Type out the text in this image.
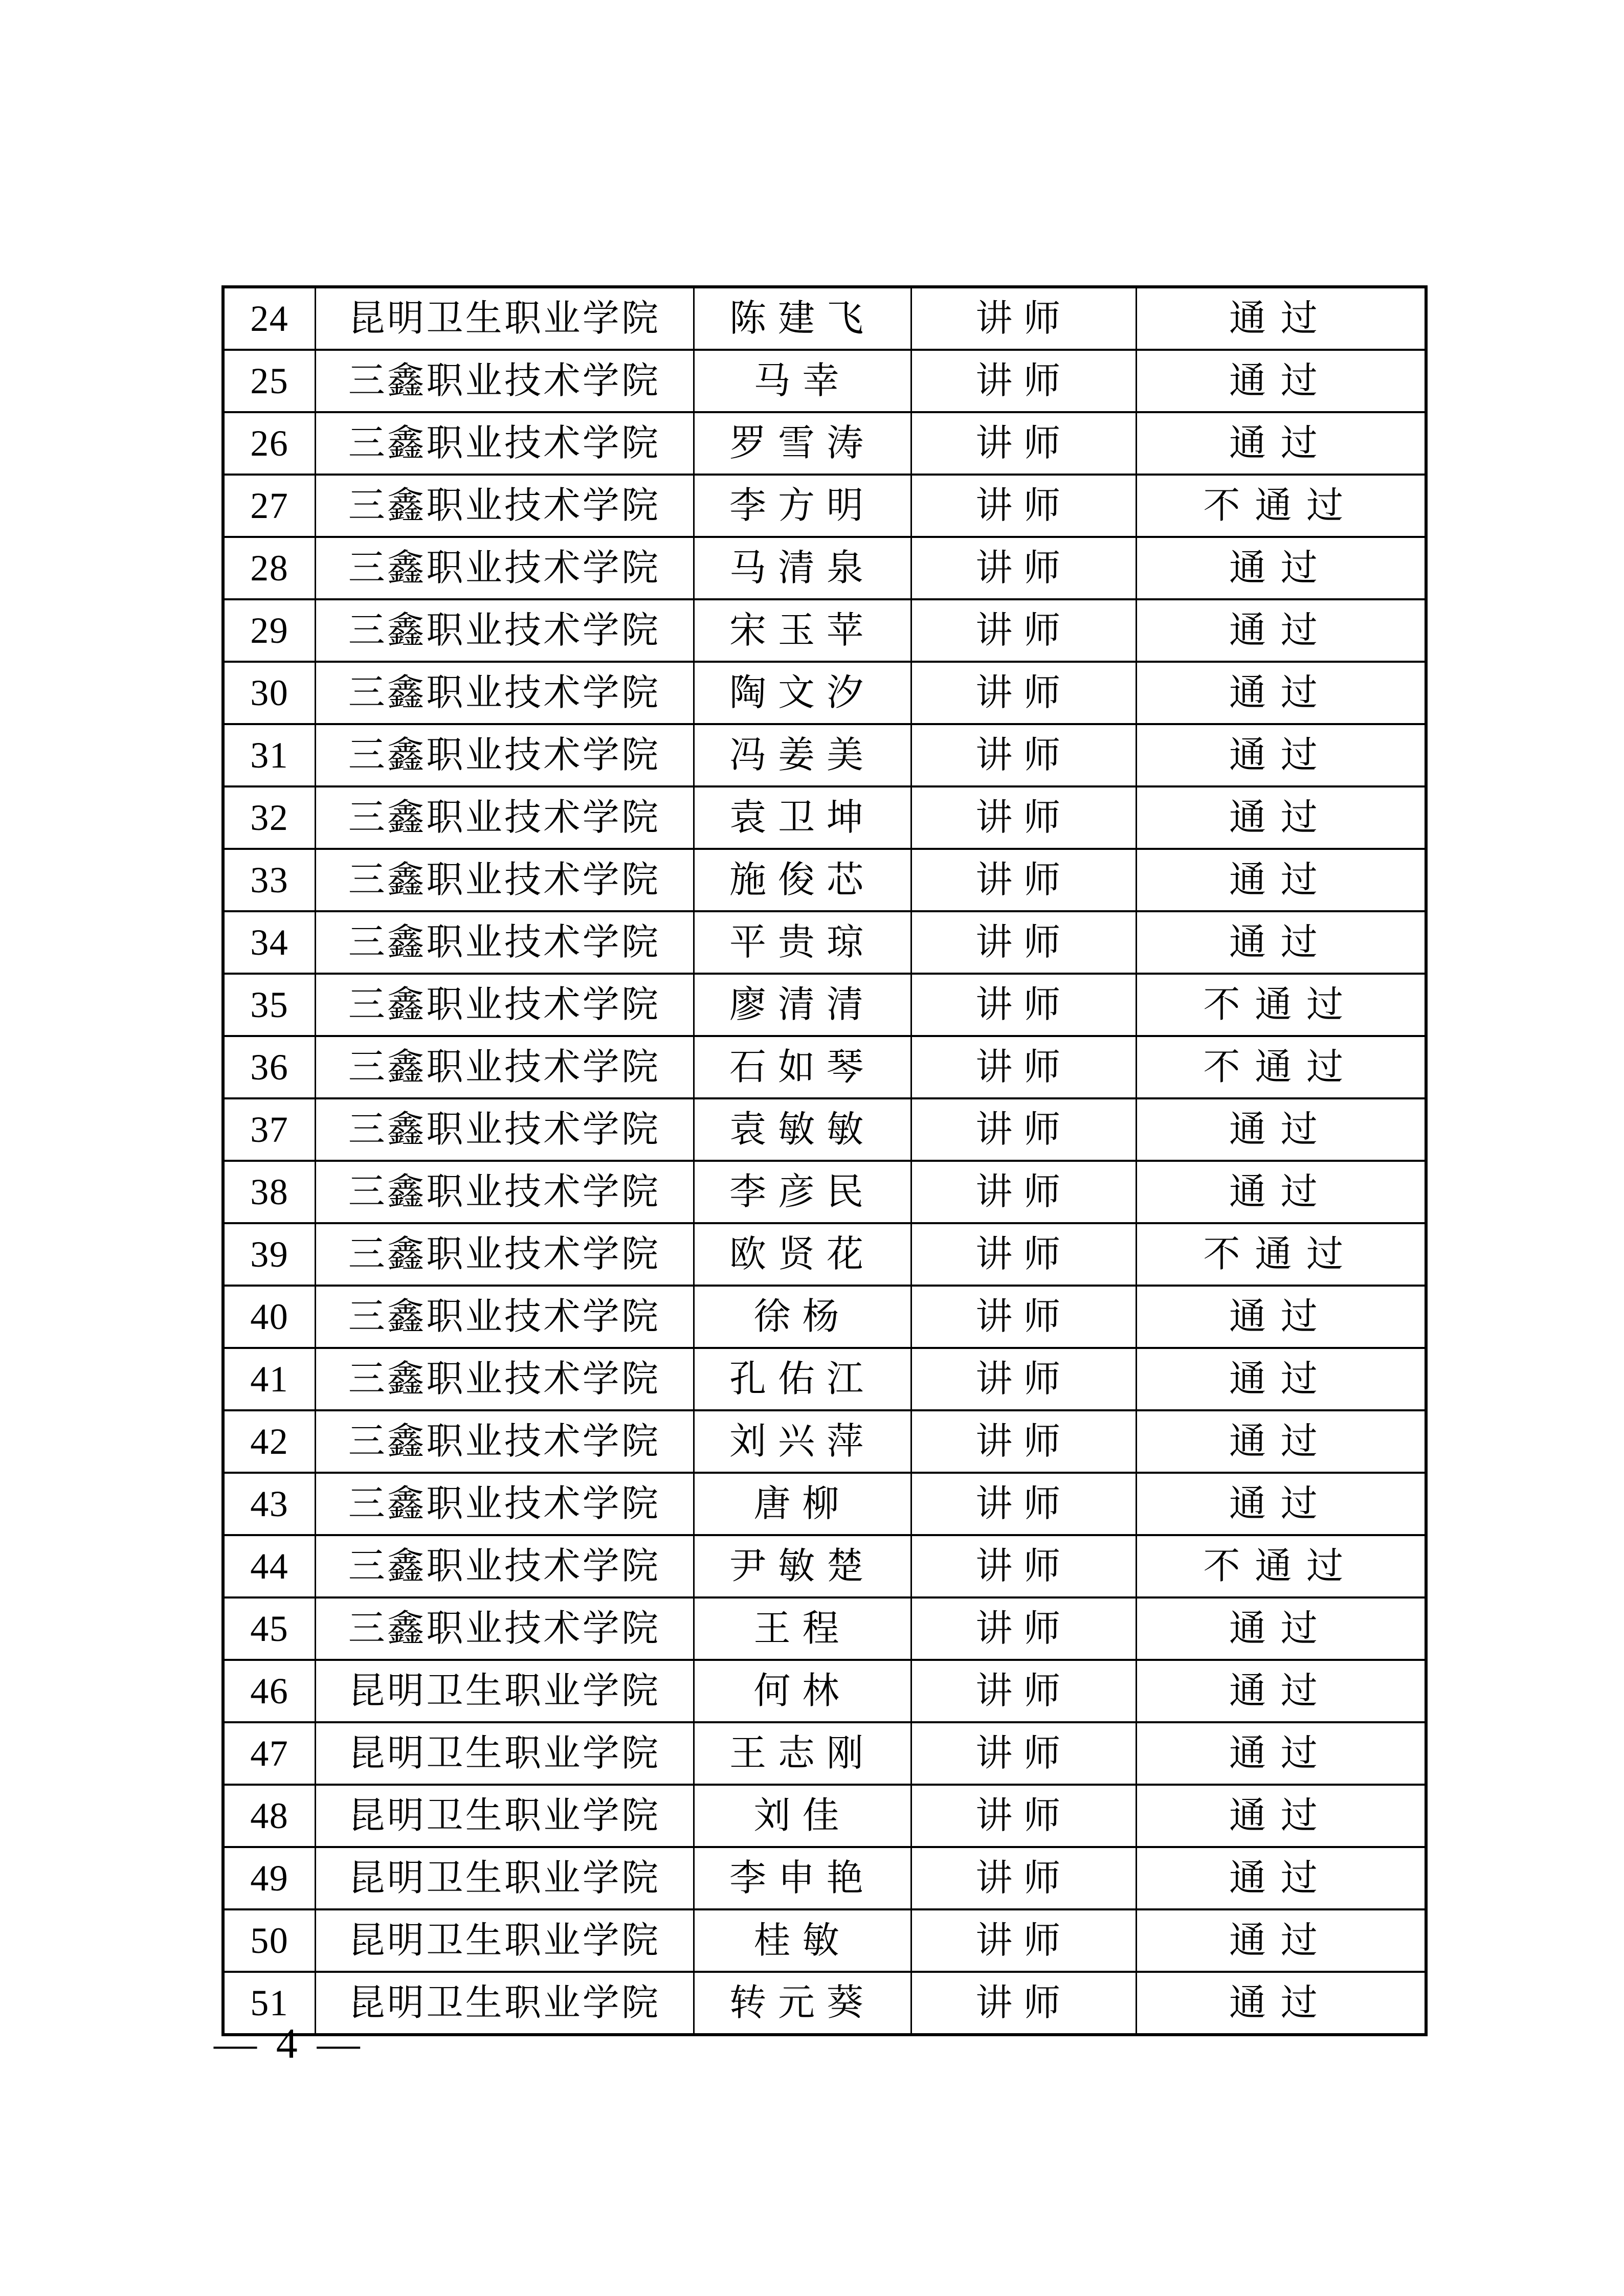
24	昆明卫生职业学院	陈建飞	讲师	通过
25	三鑫职业技术学院	马幸	讲师	通过
26	三鑫职业技术学院	罗雪涛	讲师	通过
27	三鑫职业技术学院	李方明	讲师	不通过
28	三鑫职业技术学院	马清泉	讲师	通过
29	三鑫职业技术学院	宋玉苹	讲师	通过
30	三鑫职业技术学院	陶文汐	讲师	通过
31	三鑫职业技术学院	冯姜美	讲师	通过
32	三鑫职业技术学院	袁卫坤	讲师	通过
33	三鑫职业技术学院	施俊芯	讲师	通过
34	三鑫职业技术学院	平贵琼	讲师	通过
35	三鑫职业技术学院	廖清清	讲师	不通过
36	三鑫职业技术学院	石如琴	讲师	不通过
37	三鑫职业技术学院	袁敏敏	讲师	通过
38	三鑫职业技术学院	李彦民	讲师	通过
39	三鑫职业技术学院	欧贤花	讲师	不通过
40	三鑫职业技术学院	徐杨	讲师	通过
41	三鑫职业技术学院	孔佑江	讲师	通过
42	三鑫职业技术学院	刘兴萍	讲师	通过
43	三鑫职业技术学院	唐柳	讲师	通过
44	三鑫职业技术学院	尹敏楚	讲师	不通过
45	三鑫职业技术学院	王程	讲师	通过
46	昆明卫生职业学院	何林	讲师	通过
47	昆明卫生职业学院	王志刚	讲师	通过
48	昆明卫生职业学院	刘佳	讲师	通过
49	昆明卫生职业学院	李申艳	讲师	通过
50	昆明卫生职业学院	桂敏	讲师	通过
51	昆明卫生职业学院	转元葵	讲师	通过
— 4 —
